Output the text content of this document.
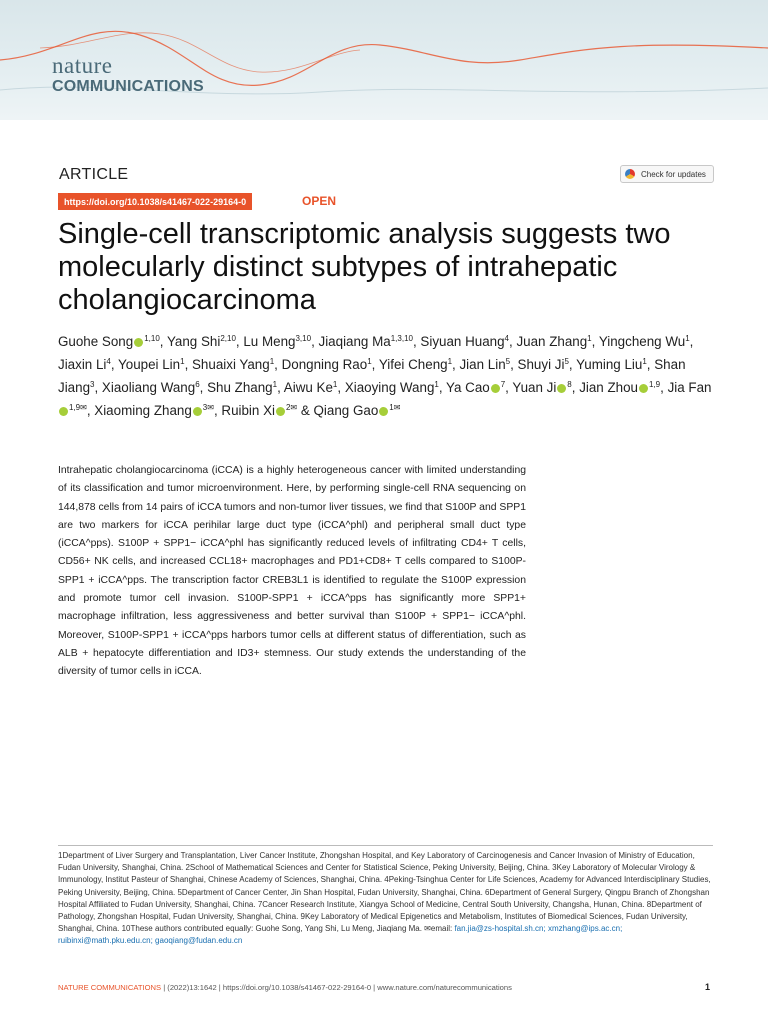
nature
COMMUNICATIONS
ARTICLE	Check for updates
https://doi.org/10.1038/s41467-022-29164-0	OPEN
Single-cell transcriptomic analysis suggests two molecularly distinct subtypes of intrahepatic cholangiocarcinoma
Guohe Song $^{1,10}$, Yang Shi$^{2,10}$, Lu Meng$^{3,10}$, Jiaqiang Ma$^{1,3,10}$, Siyuan Huang$^4$, Juan Zhang$^1$, Yingcheng Wu$^1$, Jiaxin Li$^4$, Youpei Lin$^1$, Shuaixi Yang$^1$, Dongning Rao$^1$, Yifei Cheng$^1$, Jian Lin$^5$, Shuyi Ji$^5$, Yuming Liu$^1$, Shan Jiang$^3$, Xiaoliang Wang$^6$, Shu Zhang$^1$, Aiwu Ke$^1$, Xiaoying Wang$^1$, Ya Cao $^7$, Yuan Ji $^8$, Jian Zhou $^{1,9}$, Jia Fan$^{1,9✉}$, Xiaoming Zhang $^{3✉}$, Ruibin Xi $^{2✉}$ & Qiang Gao $^{1✉}$

Intrahepatic cholangiocarcinoma (iCCA) is a highly heterogeneous cancer with limited understanding of its classification and tumor microenvironment. Here, by performing single-cell RNA sequencing on 144,878 cells from 14 pairs of iCCA tumors and non-tumor liver tissues, we find that S100P and SPP1 are two markers for iCCA perihilar large duct type (iCCA^phl) and peripheral small duct type (iCCA^pps). S100P + SPP1− iCCA^phl has significantly reduced levels of infiltrating CD4+ T cells, CD56+ NK cells, and increased CCL18+ macrophages and PD1+CD8+ T cells compared to S100P-SPP1 + iCCA^pps. The transcription factor CREB3L1 is identified to regulate the S100P expression and promote tumor cell invasion. S100P-SPP1 + iCCA^pps has significantly more SPP1+ macrophage infiltration, less aggressiveness and better survival than S100P + SPP1− iCCA^phl. Moreover, S100P-SPP1 + iCCA^pps harbors tumor cells at different status of differentiation, such as ALB + hepatocyte differentiation and ID3+ stemness. Our study extends the understanding of the diversity of tumor cells in iCCA.

1Department of Liver Surgery and Transplantation, Liver Cancer Institute, Zhongshan Hospital, and Key Laboratory of Carcinogenesis and Cancer Invasion of Ministry of Education, Fudan University, Shanghai, China. 2School of Mathematical Sciences and Center for Statistical Science, Peking University, Beijing, China. 3Key Laboratory of Molecular Virology & Immunology, Institut Pasteur of Shanghai, Chinese Academy of Sciences, Shanghai, China. 4Peking-Tsinghua Center for Life Sciences, Academy for Advanced Interdisciplinary Studies, Peking University, Beijing, China. 5Department of Cancer Center, Jin Shan Hospital, Fudan University, Shanghai, China. 6Department of General Surgery, Qingpu Branch of Zhongshan Hospital Affiliated to Fudan University, Shanghai, China. 7Cancer Research Institute, Xiangya School of Medicine, Central South University, Changsha, Hunan, China. 8Department of Pathology, Zhongshan Hospital, Fudan University, Shanghai, China. 9Key Laboratory of Medical Epigenetics and Metabolism, Institutes of Biomedical Sciences, Fudan University, Shanghai, China. 10These authors contributed equally: Guohe Song, Yang Shi, Lu Meng, Jiaqiang Ma. ✉email: fan.jia@zs-hospital.sh.cn; xmzhang@ips.ac.cn; ruibinxi@math.pku.edu.cn; gaoqiang@fudan.edu.cn

NATURE COMMUNICATIONS | (2022)13:1642 | https://doi.org/10.1038/s41467-022-29164-0 | www.nature.com/naturecommunications	1
